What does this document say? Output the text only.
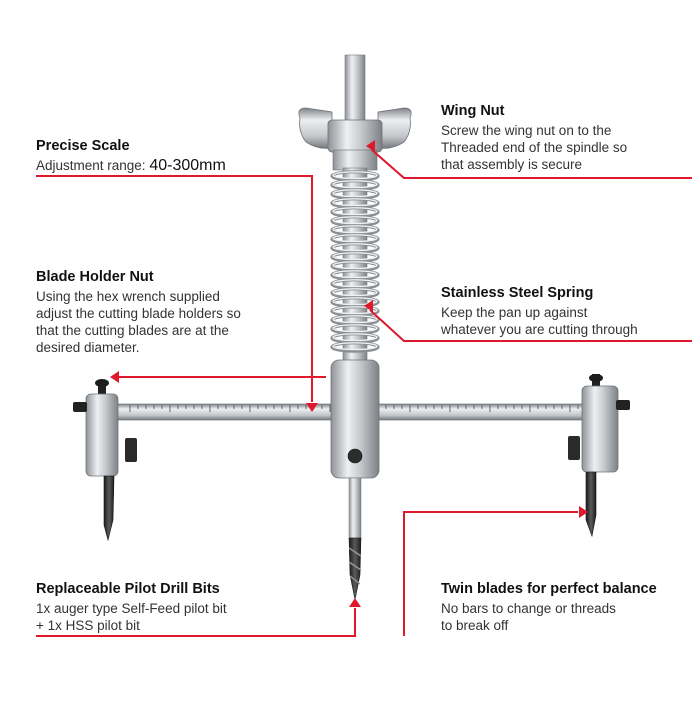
Precise Scale
Adjustment range: 40-300mm
Wing Nut
Screw the wing nut on to the
Threaded end of the spindle so
that assembly is secure
Blade Holder Nut
Using the hex wrench supplied
adjust the cutting blade holders so
that the cutting blades are at the
desired diameter.
Stainless Steel Spring
Keep the pan up against
whatever you are cutting through
Replaceable Pilot Drill Bits
1x auger type Self-Feed pilot bit
+ 1x HSS pilot bit
Twin blades for perfect balance
No bars to change or threads
to break off
